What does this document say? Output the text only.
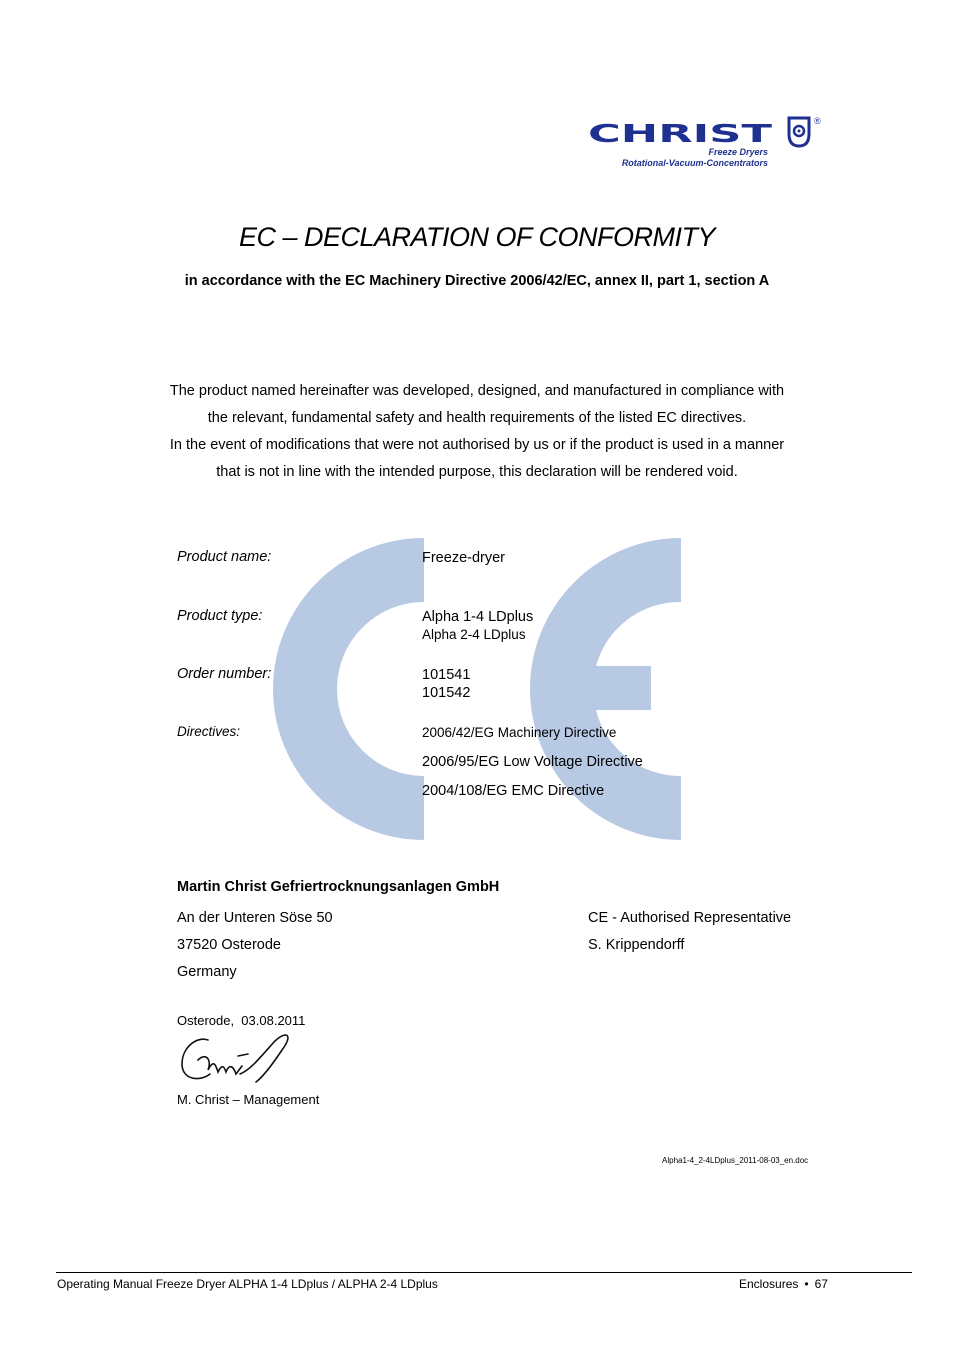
CHRIST	®
Freeze Dryers
Rotational-Vacuum-Concentrators
EC – DECLARATION OF CONFORMITY
in accordance with the EC Machinery Directive 2006/42/EC, annex II, part 1, section A
The product named hereinafter was developed, designed, and manufactured in compliance with
the relevant, fundamental safety and health requirements of the listed EC directives.
In the event of modifications that were not authorised by us or if the product is used in a manner
that is not in line with the intended purpose, this declaration will be rendered void.
Product name:	Freeze-dryer
Product type:	Alpha 1-4 LDplus
Alpha 2-4 LDplus
Order number:	101541
101542
Directives:	2006/42/EG Machinery Directive
2006/95/EG Low Voltage Directive
2004/108/EG EMC Directive
Martin Christ Gefriertrocknungsanlagen GmbH
An der Unteren Söse 50
37520 Osterode
Germany
CE - Authorised Representative
S. Krippendorff
Osterode,  03.08.2011
M. Christ – Management
Alpha1-4_2-4LDplus_2011-08-03_en.doc
Operating Manual Freeze Dryer ALPHA 1-4 LDplus / ALPHA 2-4 LDplus	Enclosures • 67
